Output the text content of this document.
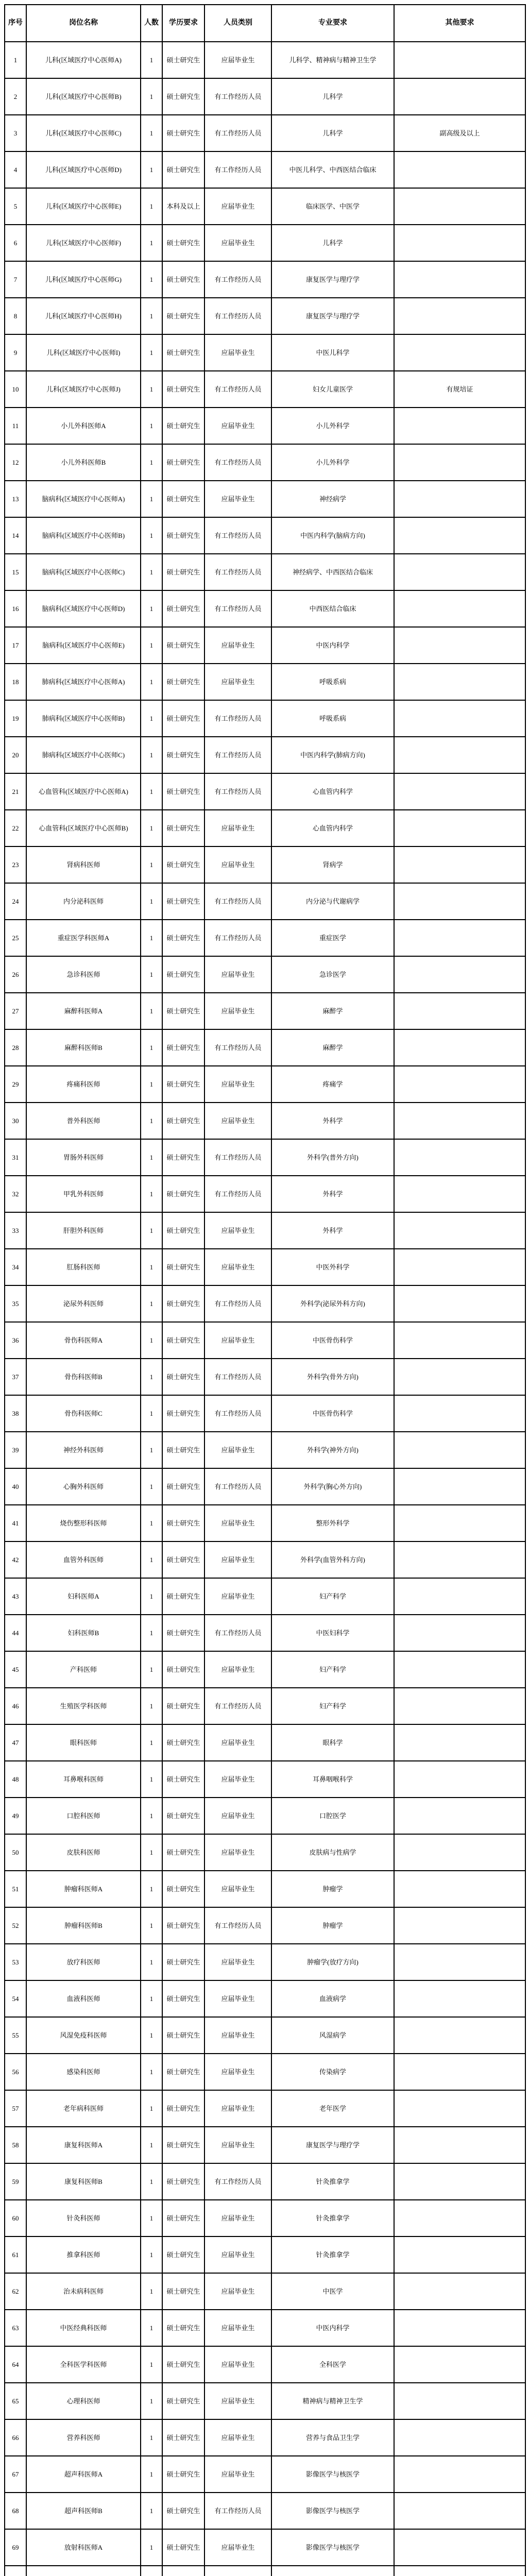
序号	岗位名称	人数	学历要求	人员类别	专业要求	其他要求
1	儿科(区域医疗中心医师A)	1	硕士研究生	应届毕业生	儿科学、精神病与精神卫生学	
2	儿科(区域医疗中心医师B)	1	硕士研究生	有工作经历人员	儿科学	
3	儿科(区域医疗中心医师C)	1	硕士研究生	有工作经历人员	儿科学	副高级及以上
4	儿科(区域医疗中心医师D)	1	硕士研究生	有工作经历人员	中医儿科学、中西医结合临床	
5	儿科(区域医疗中心医师E)	1	本科及以上	应届毕业生	临床医学、中医学	
6	儿科(区域医疗中心医师F)	1	硕士研究生	应届毕业生	儿科学	
7	儿科(区域医疗中心医师G)	1	硕士研究生	有工作经历人员	康复医学与理疗学	
8	儿科(区域医疗中心医师H)	1	硕士研究生	有工作经历人员	康复医学与理疗学	
9	儿科(区域医疗中心医师I)	1	硕士研究生	应届毕业生	中医儿科学	
10	儿科(区域医疗中心医师J)	1	硕士研究生	有工作经历人员	妇女儿童医学	有规培证
11	小儿外科医师A	1	硕士研究生	应届毕业生	小儿外科学	
12	小儿外科医师B	1	硕士研究生	有工作经历人员	小儿外科学	
13	脑病科(区域医疗中心医师A)	1	硕士研究生	应届毕业生	神经病学	
14	脑病科(区域医疗中心医师B)	1	硕士研究生	有工作经历人员	中医内科学(脑病方向)	
15	脑病科(区域医疗中心医师C)	1	硕士研究生	有工作经历人员	神经病学、中西医结合临床	
16	脑病科(区域医疗中心医师D)	1	硕士研究生	有工作经历人员	中西医结合临床	
17	脑病科(区域医疗中心医师E)	1	硕士研究生	应届毕业生	中医内科学	
18	肺病科(区域医疗中心医师A)	1	硕士研究生	应届毕业生	呼吸系病	
19	肺病科(区域医疗中心医师B)	1	硕士研究生	有工作经历人员	呼吸系病	
20	肺病科(区域医疗中心医师C)	1	硕士研究生	有工作经历人员	中医内科学(肺病方向)	
21	心血管科(区域医疗中心医师A)	1	硕士研究生	有工作经历人员	心血管内科学	
22	心血管科(区域医疗中心医师B)	1	硕士研究生	应届毕业生	心血管内科学	
23	肾病科医师	1	硕士研究生	应届毕业生	肾病学	
24	内分泌科医师	1	硕士研究生	有工作经历人员	内分泌与代谢病学	
25	重症医学科医师A	1	硕士研究生	有工作经历人员	重症医学	
26	急诊科医师	1	硕士研究生	应届毕业生	急诊医学	
27	麻醉科医师A	1	硕士研究生	应届毕业生	麻醉学	
28	麻醉科医师B	1	硕士研究生	有工作经历人员	麻醉学	
29	疼痛科医师	1	硕士研究生	应届毕业生	疼痛学	
30	普外科医师	1	硕士研究生	应届毕业生	外科学	
31	胃肠外科医师	1	硕士研究生	有工作经历人员	外科学(普外方向)	
32	甲乳外科医师	1	硕士研究生	有工作经历人员	外科学	
33	肝胆外科医师	1	硕士研究生	应届毕业生	外科学	
34	肛肠科医师	1	硕士研究生	应届毕业生	中医外科学	
35	泌尿外科医师	1	硕士研究生	有工作经历人员	外科学(泌尿外科方向)	
36	骨伤科医师A	1	硕士研究生	应届毕业生	中医骨伤科学	
37	骨伤科医师B	1	硕士研究生	有工作经历人员	外科学(骨外方向)	
38	骨伤科医师C	1	硕士研究生	有工作经历人员	中医骨伤科学	
39	神经外科医师	1	硕士研究生	应届毕业生	外科学(神外方向)	
40	心胸外科医师	1	硕士研究生	有工作经历人员	外科学(胸心外方向)	
41	烧伤整形科医师	1	硕士研究生	应届毕业生	整形外科学	
42	血管外科医师	1	硕士研究生	应届毕业生	外科学(血管外科方向)	
43	妇科医师A	1	硕士研究生	应届毕业生	妇产科学	
44	妇科医师B	1	硕士研究生	有工作经历人员	中医妇科学	
45	产科医师	1	硕士研究生	应届毕业生	妇产科学	
46	生殖医学科医师	1	硕士研究生	有工作经历人员	妇产科学	
47	眼科医师	1	硕士研究生	应届毕业生	眼科学	
48	耳鼻喉科医师	1	硕士研究生	应届毕业生	耳鼻咽喉科学	
49	口腔科医师	1	硕士研究生	应届毕业生	口腔医学	
50	皮肤科医师	1	硕士研究生	应届毕业生	皮肤病与性病学	
51	肿瘤科医师A	1	硕士研究生	应届毕业生	肿瘤学	
52	肿瘤科医师B	1	硕士研究生	有工作经历人员	肿瘤学	
53	放疗科医师	1	硕士研究生	应届毕业生	肿瘤学(放疗方向)	
54	血液科医师	1	硕士研究生	应届毕业生	血液病学	
55	风湿免疫科医师	1	硕士研究生	应届毕业生	风湿病学	
56	感染科医师	1	硕士研究生	应届毕业生	传染病学	
57	老年病科医师	1	硕士研究生	应届毕业生	老年医学	
58	康复科医师A	1	硕士研究生	应届毕业生	康复医学与理疗学	
59	康复科医师B	1	硕士研究生	有工作经历人员	针灸推拿学	
60	针灸科医师	1	硕士研究生	应届毕业生	针灸推拿学	
61	推拿科医师	1	硕士研究生	应届毕业生	针灸推拿学	
62	治未病科医师	1	硕士研究生	应届毕业生	中医学	
63	中医经典科医师	1	硕士研究生	应届毕业生	中医内科学	
64	全科医学科医师	1	硕士研究生	应届毕业生	全科医学	
65	心理科医师	1	硕士研究生	应届毕业生	精神病与精神卫生学	
66	营养科医师	1	硕士研究生	应届毕业生	营养与食品卫生学	
67	超声科医师A	1	硕士研究生	应届毕业生	影像医学与核医学	
68	超声科医师B	1	硕士研究生	有工作经历人员	影像医学与核医学	
69	放射科医师A	1	硕士研究生	应届毕业生	影像医学与核医学	
